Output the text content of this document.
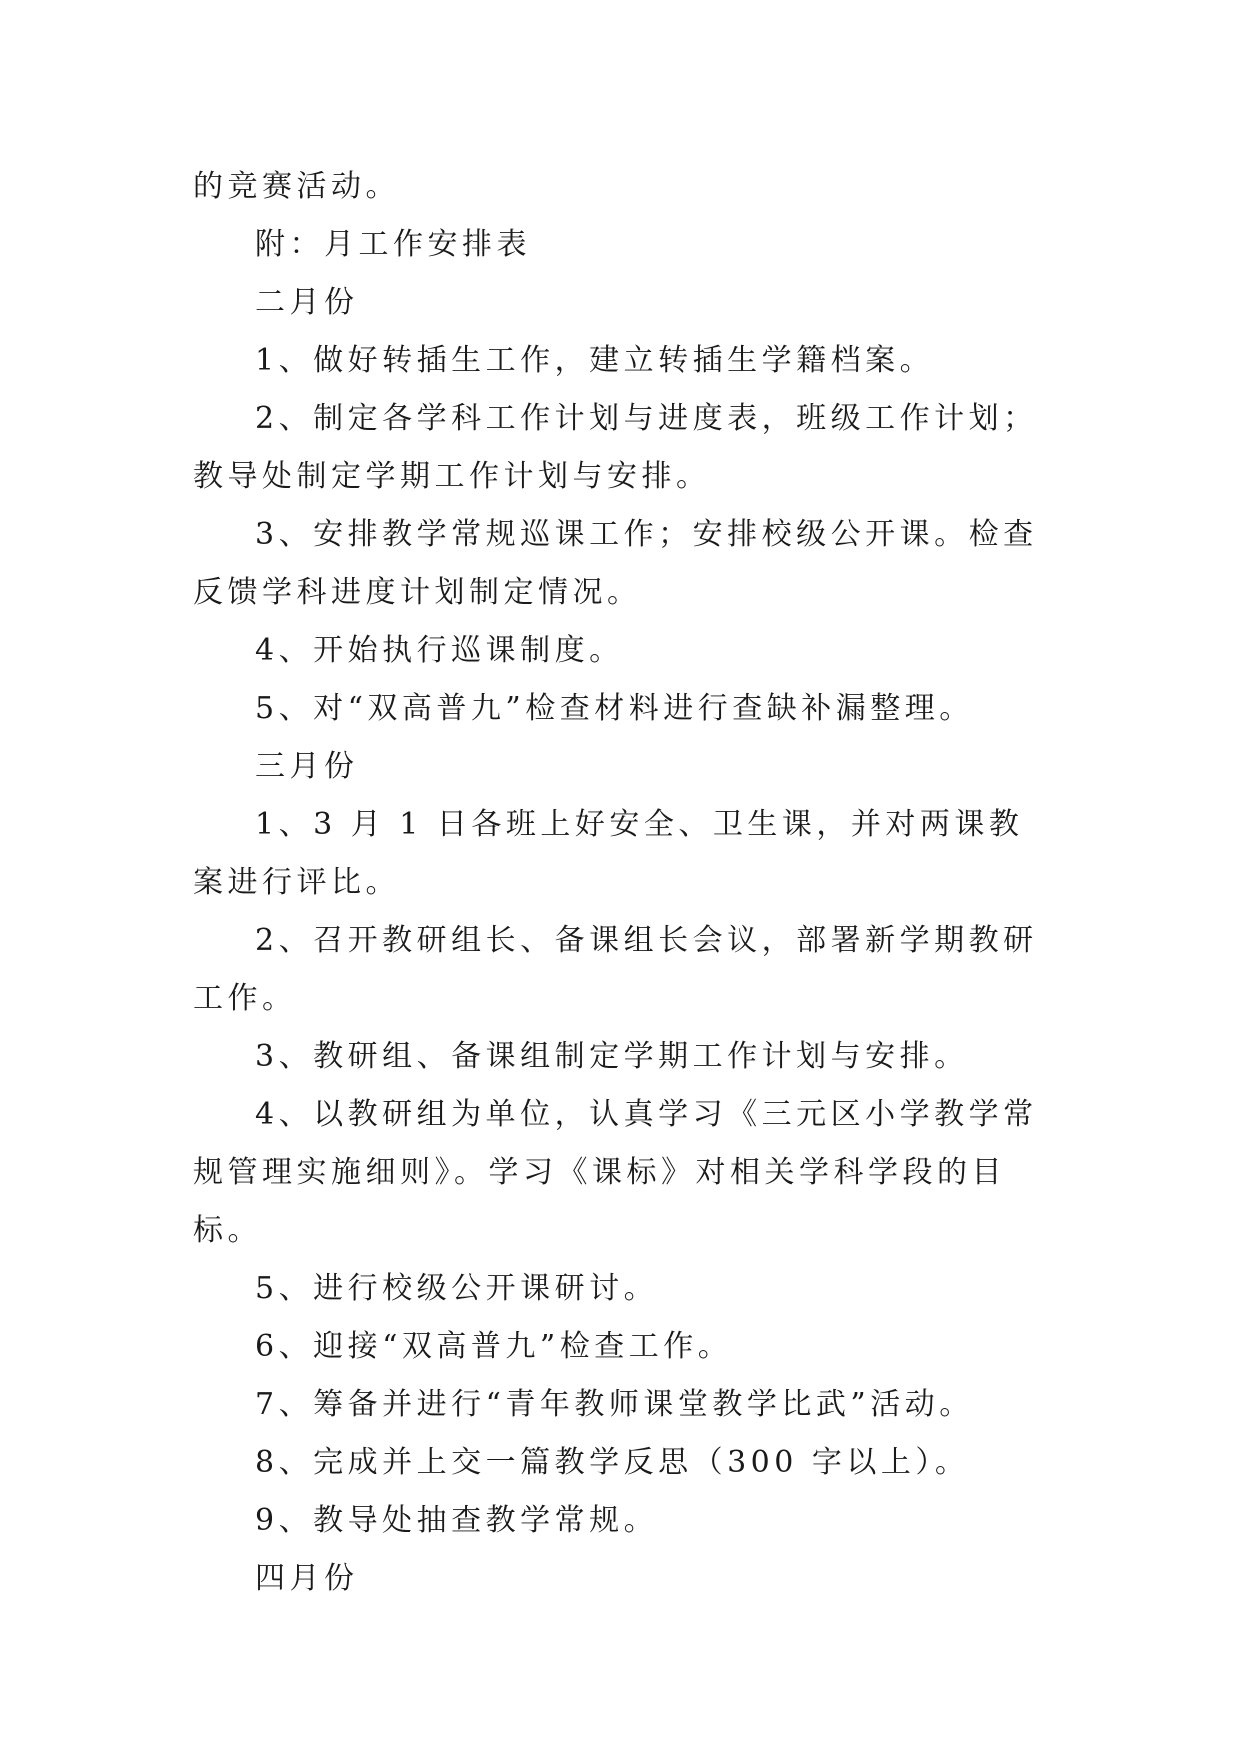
的竞赛活动。

附：月工作安排表

二月份

1、做好转插生工作，建立转插生学籍档案。

2、制定各学科工作计划与进度表，班级工作计划；教导处制定学期工作计划与安排。

3、安排教学常规巡课工作；安排校级公开课。检查反馈学科进度计划制定情况。

4、开始执行巡课制度。

5、对“双高普九”检查材料进行查缺补漏整理。

三月份

1、3 月 1 日各班上好安全、卫生课，并对两课教案进行评比。

2、召开教研组长、备课组长会议，部署新学期教研工作。

3、教研组、备课组制定学期工作计划与安排。

4、以教研组为单位，认真学习《三元区小学教学常规管理实施细则》。学习《课标》对相关学科学段的目标。

5、进行校级公开课研讨。

6、迎接“双高普九”检查工作。

7、筹备并进行“青年教师课堂教学比武”活动。

8、完成并上交一篇教学反思（300 字以上）。

9、教导处抽查教学常规。

四月份
